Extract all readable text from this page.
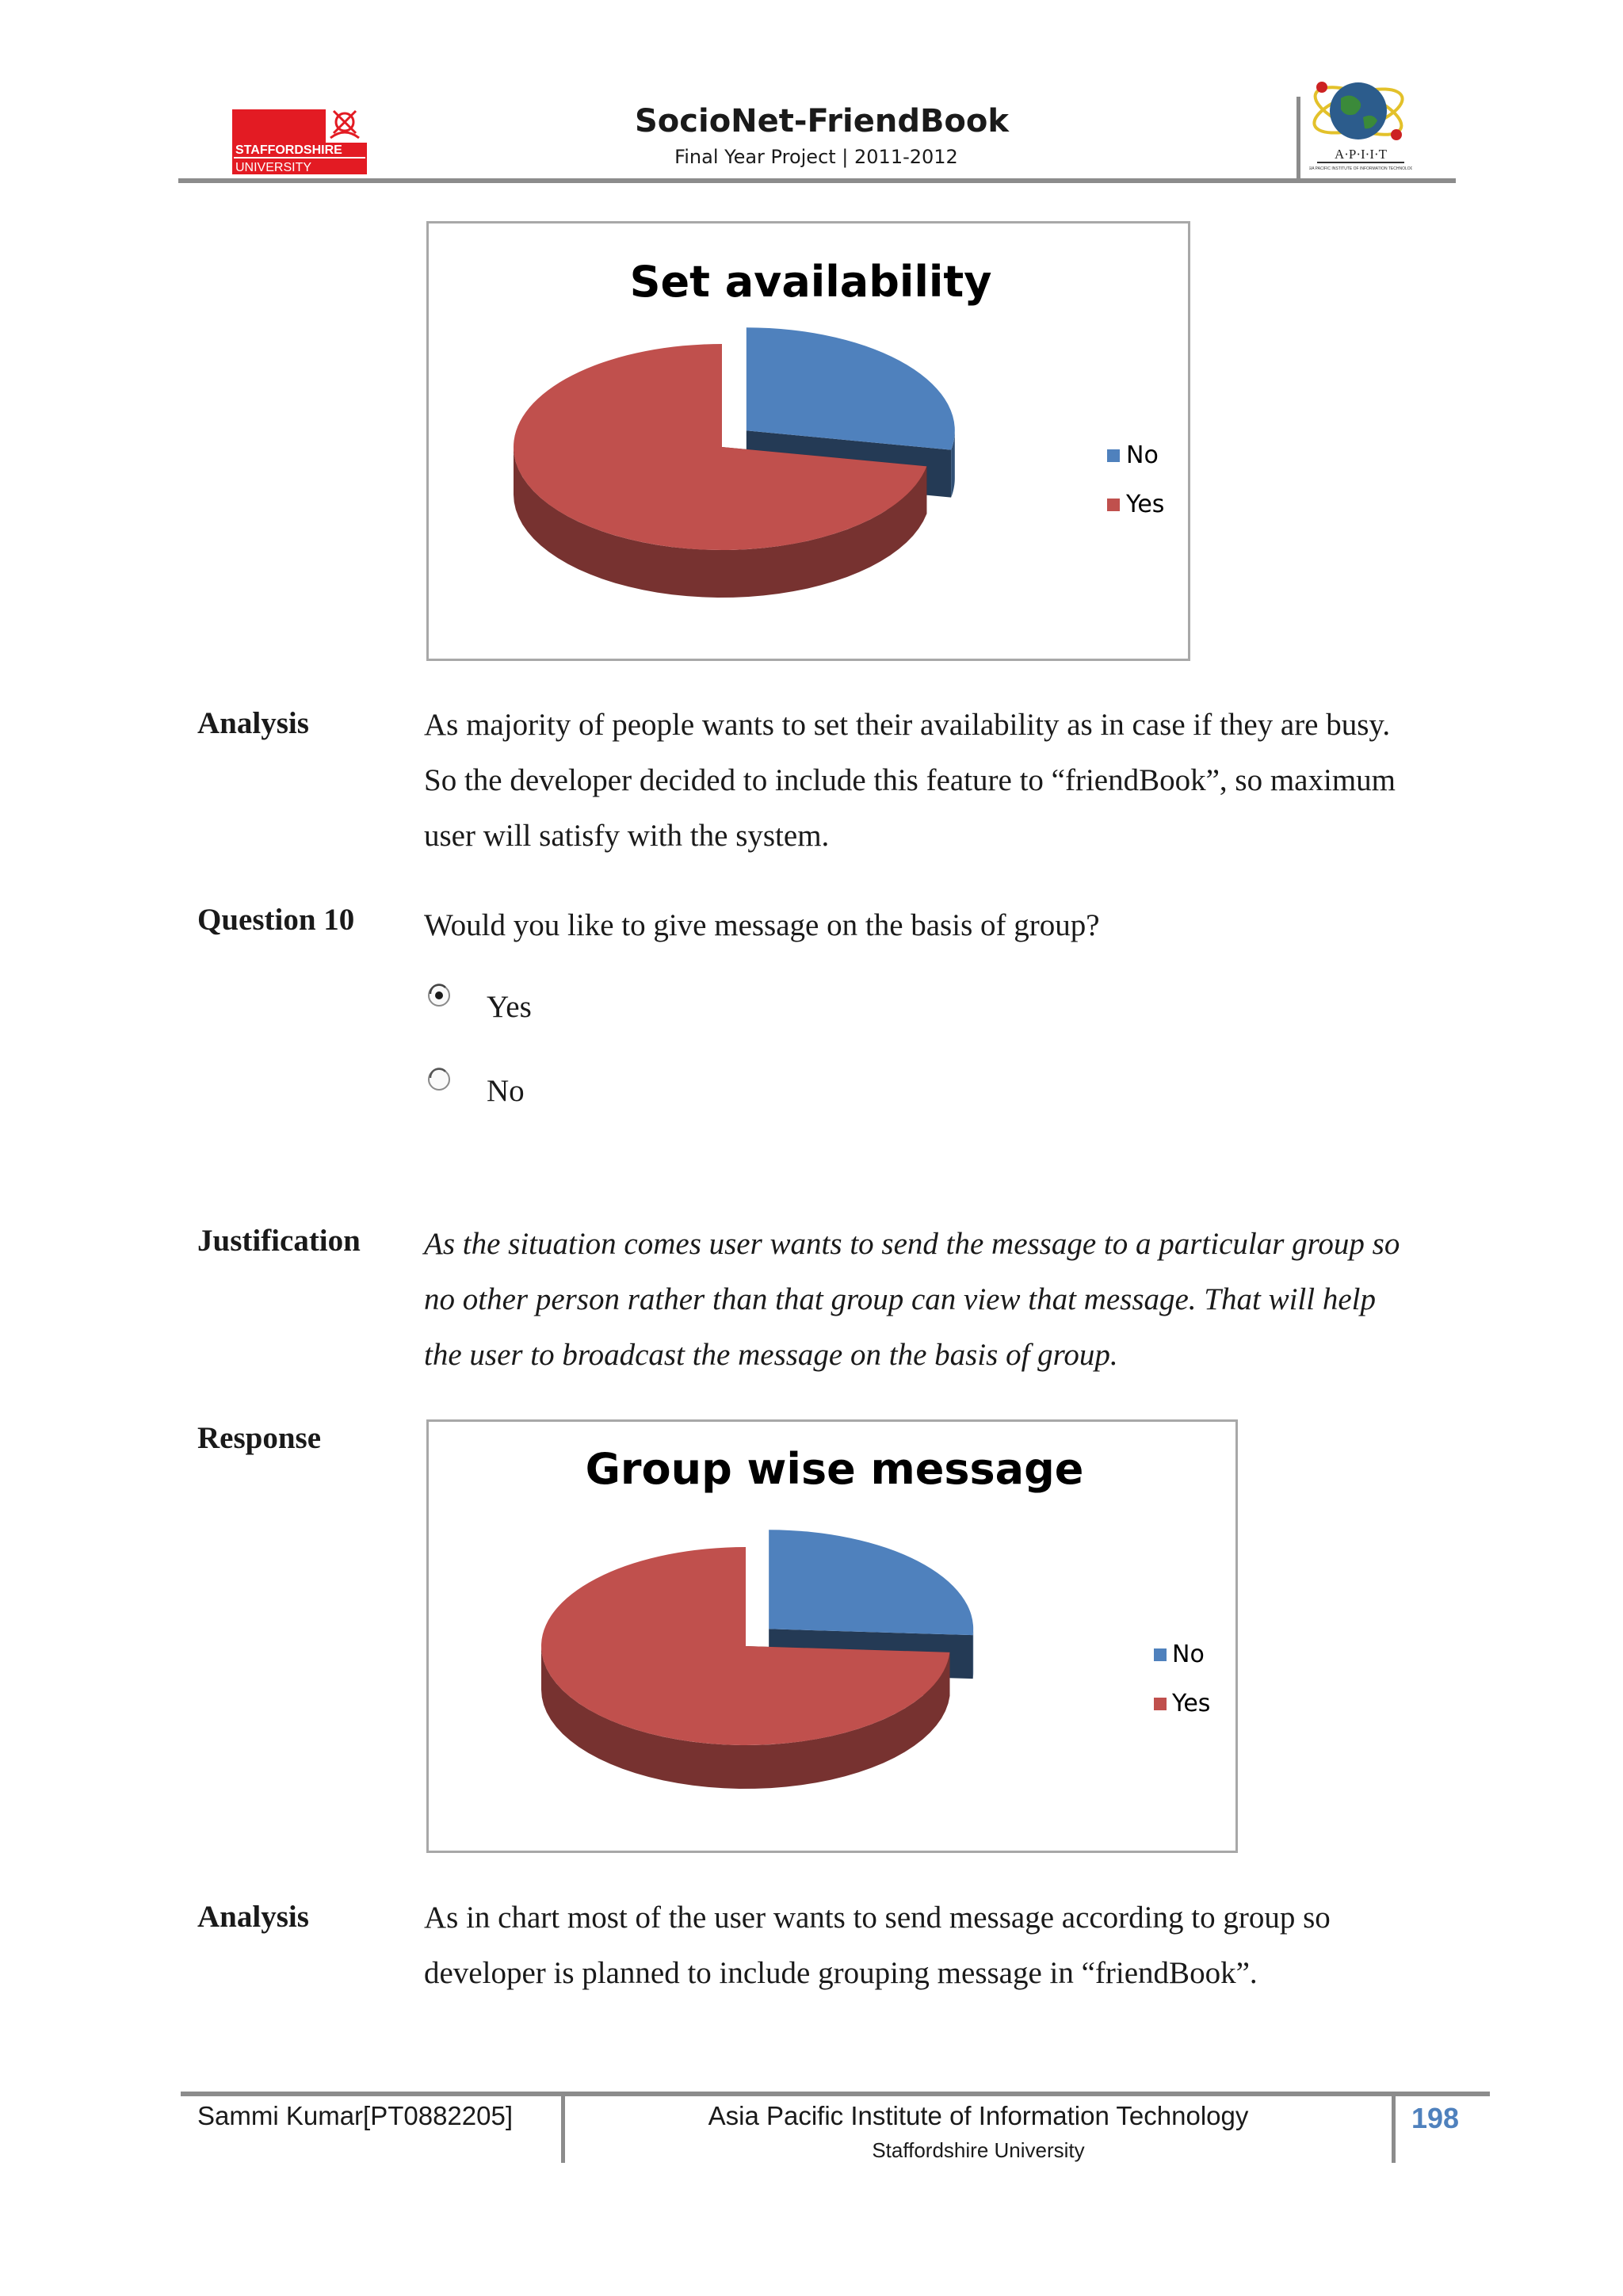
STAFFORDSHIRE
UNIVERSITY
SocioNet-FriendBook
Final Year Project | 2011-2012	A·P·I·I·T
ASIA PACIFIC INSTITUTE OF INFORMATION TECHNOLOGY
Set availability
No
Yes
Analysis	As majority of people wants to set their availability as in case if they are busy.
So the developer decided to include this feature to “friendBook”, so maximum
user will satisfy with the system.
Question 10 Would you like to give message on the basis of group?
Yes
No
Justification As the situation comes user wants to send the message to a particular group so
no other person rather than that group can view that message. That will help
the user to broadcast the message on the basis of group.
Response
Group wise message
No
Yes
Analysis	As in chart most of the user wants to send message according to group so
developer is planned to include grouping message in “friendBook”.
Sammi Kumar[PT0882205]	Asia Pacific Institute of Information Technology
Staffordshire University
198
